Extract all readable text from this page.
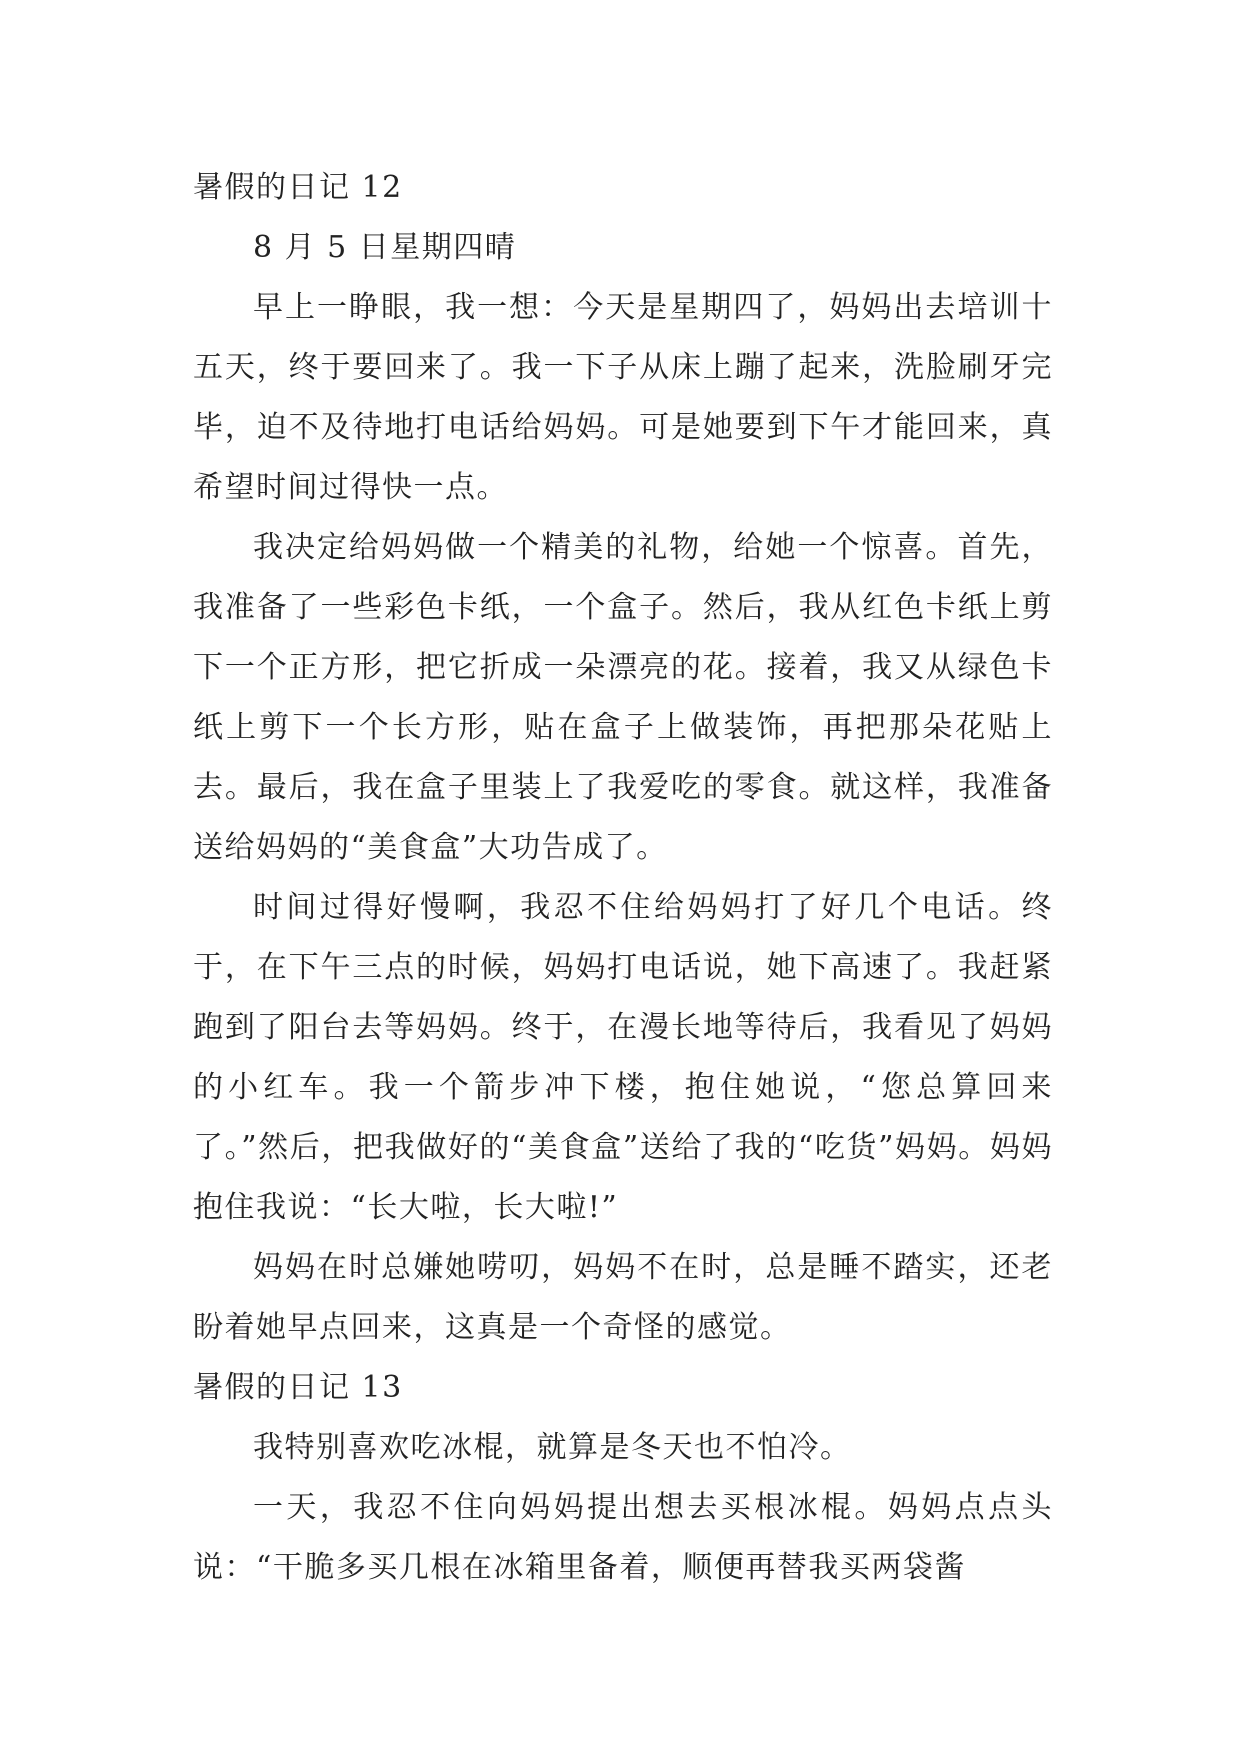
暑假的日记 12

8 月 5 日星期四晴

早上一睁眼，我一想：今天是星期四了，妈妈出去培训十五天，终于要回来了。我一下子从床上蹦了起来，洗脸刷牙完毕，迫不及待地打电话给妈妈。可是她要到下午才能回来，真希望时间过得快一点。

我决定给妈妈做一个精美的礼物，给她一个惊喜。首先，我准备了一些彩色卡纸，一个盒子。然后，我从红色卡纸上剪下一个正方形，把它折成一朵漂亮的花。接着，我又从绿色卡纸上剪下一个长方形，贴在盒子上做装饰，再把那朵花贴上去。最后，我在盒子里装上了我爱吃的零食。就这样，我准备送给妈妈的“美食盒”大功告成了。

时间过得好慢啊，我忍不住给妈妈打了好几个电话。终于，在下午三点的时候，妈妈打电话说，她下高速了。我赶紧跑到了阳台去等妈妈。终于，在漫长地等待后，我看见了妈妈的小红车。我一个箭步冲下楼，抱住她说，“您总算回来了。”然后，把我做好的“美食盒”送给了我的“吃货”妈妈。妈妈抱住我说：“长大啦，长大啦!”

妈妈在时总嫌她唠叨，妈妈不在时，总是睡不踏实，还老盼着她早点回来，这真是一个奇怪的感觉。

暑假的日记 13

我特别喜欢吃冰棍，就算是冬天也不怕冷。

一天，我忍不住向妈妈提出想去买根冰棍。妈妈点点头说：“干脆多买几根在冰箱里备着，顺便再替我买两袋酱
